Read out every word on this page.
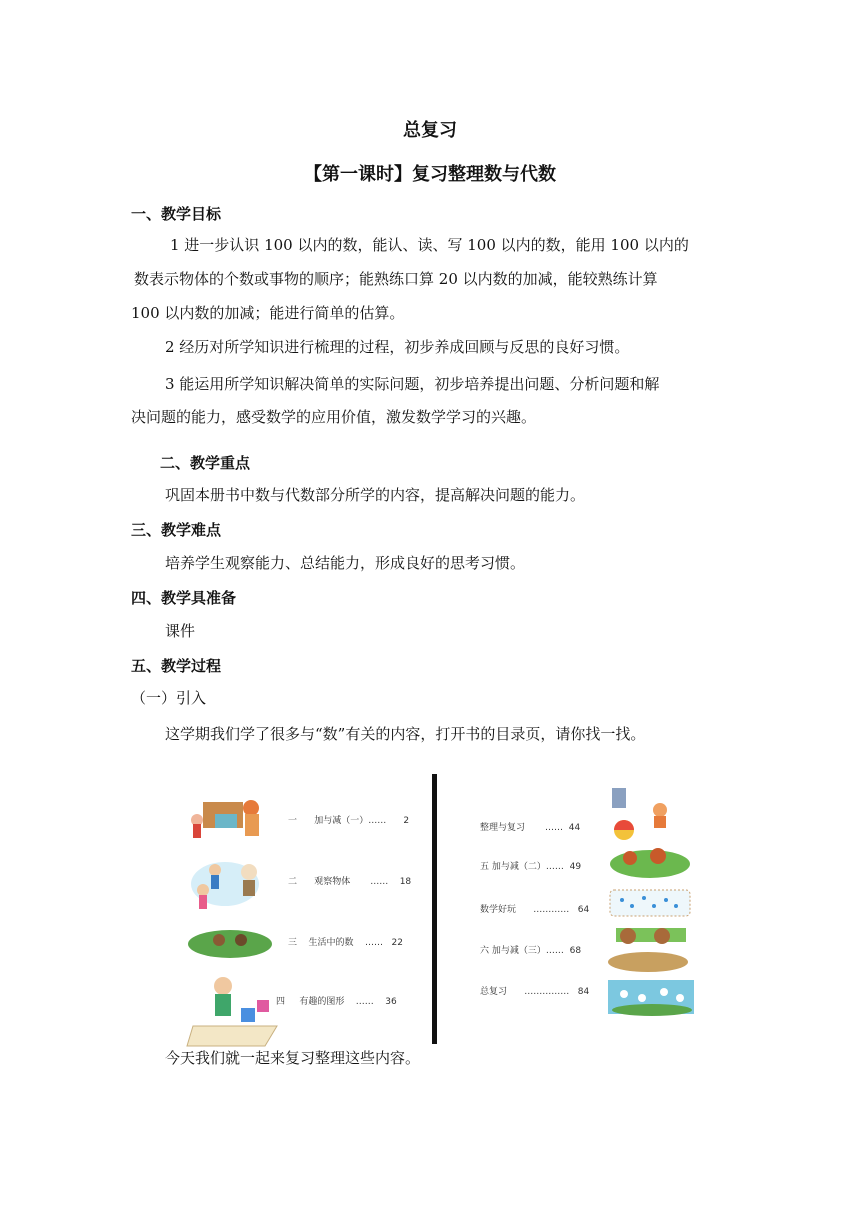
总复习
【第一课时】复习整理数与代数
一、教学目标
1 进一步认识 100 以内的数，能认、读、写 100 以内的数，能用 100 以内的
数表示物体的个数或事物的顺序；能熟练口算 20 以内数的加减，能较熟练计算
100 以内数的加减；能进行简单的估算。
2 经历对所学知识进行梳理的过程，初步养成回顾与反思的良好习惯。
3 能运用所学知识解决简单的实际问题，初步培养提出问题、分析问题和解
决问题的能力，感受数学的应用价值，激发数学学习的兴趣。
二、教学重点
巩固本册书中数与代数部分所学的内容，提高解决问题的能力。
三、教学难点
培养学生观察能力、总结能力，形成良好的思考习惯。
四、教学具准备
课件
五、教学过程
（一）引入
这学期我们学了很多与“数”有关的内容，打开书的目录页，请你找一找。
一 加与减（一）…… 2
二 观察物体 …… 18
三 生活中的数 …… 22
四 有趣的图形 …… 36
整理与复习 …… 44
五 加与减（二）…… 49
数学好玩 ………… 64
六 加与减（三）…… 68
总复习 …………… 84
今天我们就一起来复习整理这些内容。
